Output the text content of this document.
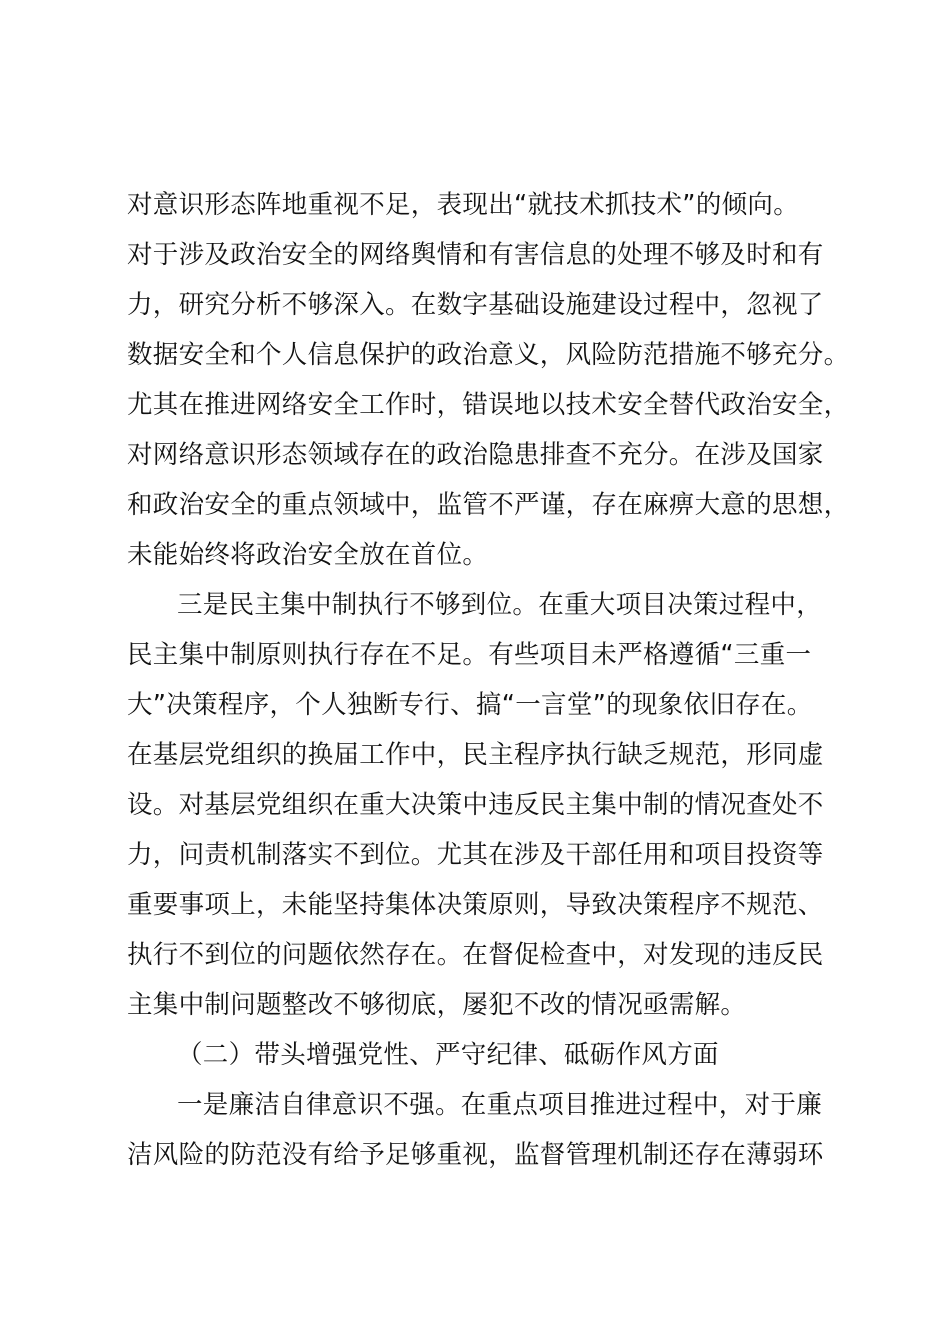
对意识形态阵地重视不足，表现出“就技术抓技术”的倾向。
对于涉及政治安全的网络舆情和有害信息的处理不够及时和有
力，研究分析不够深入。在数字基础设施建设过程中，忽视了
数据安全和个人信息保护的政治意义，风险防范措施不够充分。
尤其在推进网络安全工作时，错误地以技术安全替代政治安全，
对网络意识形态领域存在的政治隐患排查不充分。在涉及国家
和政治安全的重点领域中，监管不严谨，存在麻痹大意的思想，
未能始终将政治安全放在首位。
三是民主集中制执行不够到位。在重大项目决策过程中，
民主集中制原则执行存在不足。有些项目未严格遵循“三重一
大”决策程序，个人独断专行、搞“一言堂”的现象依旧存在。
在基层党组织的换届工作中，民主程序执行缺乏规范，形同虚
设。对基层党组织在重大决策中违反民主集中制的情况查处不
力，问责机制落实不到位。尤其在涉及干部任用和项目投资等
重要事项上，未能坚持集体决策原则，导致决策程序不规范、
执行不到位的问题依然存在。在督促检查中，对发现的违反民
主集中制问题整改不够彻底，屡犯不改的情况亟需解。
（二）带头增强党性、严守纪律、砥砺作风方面
一是廉洁自律意识不强。在重点项目推进过程中，对于廉
洁风险的防范没有给予足够重视，监督管理机制还存在薄弱环
